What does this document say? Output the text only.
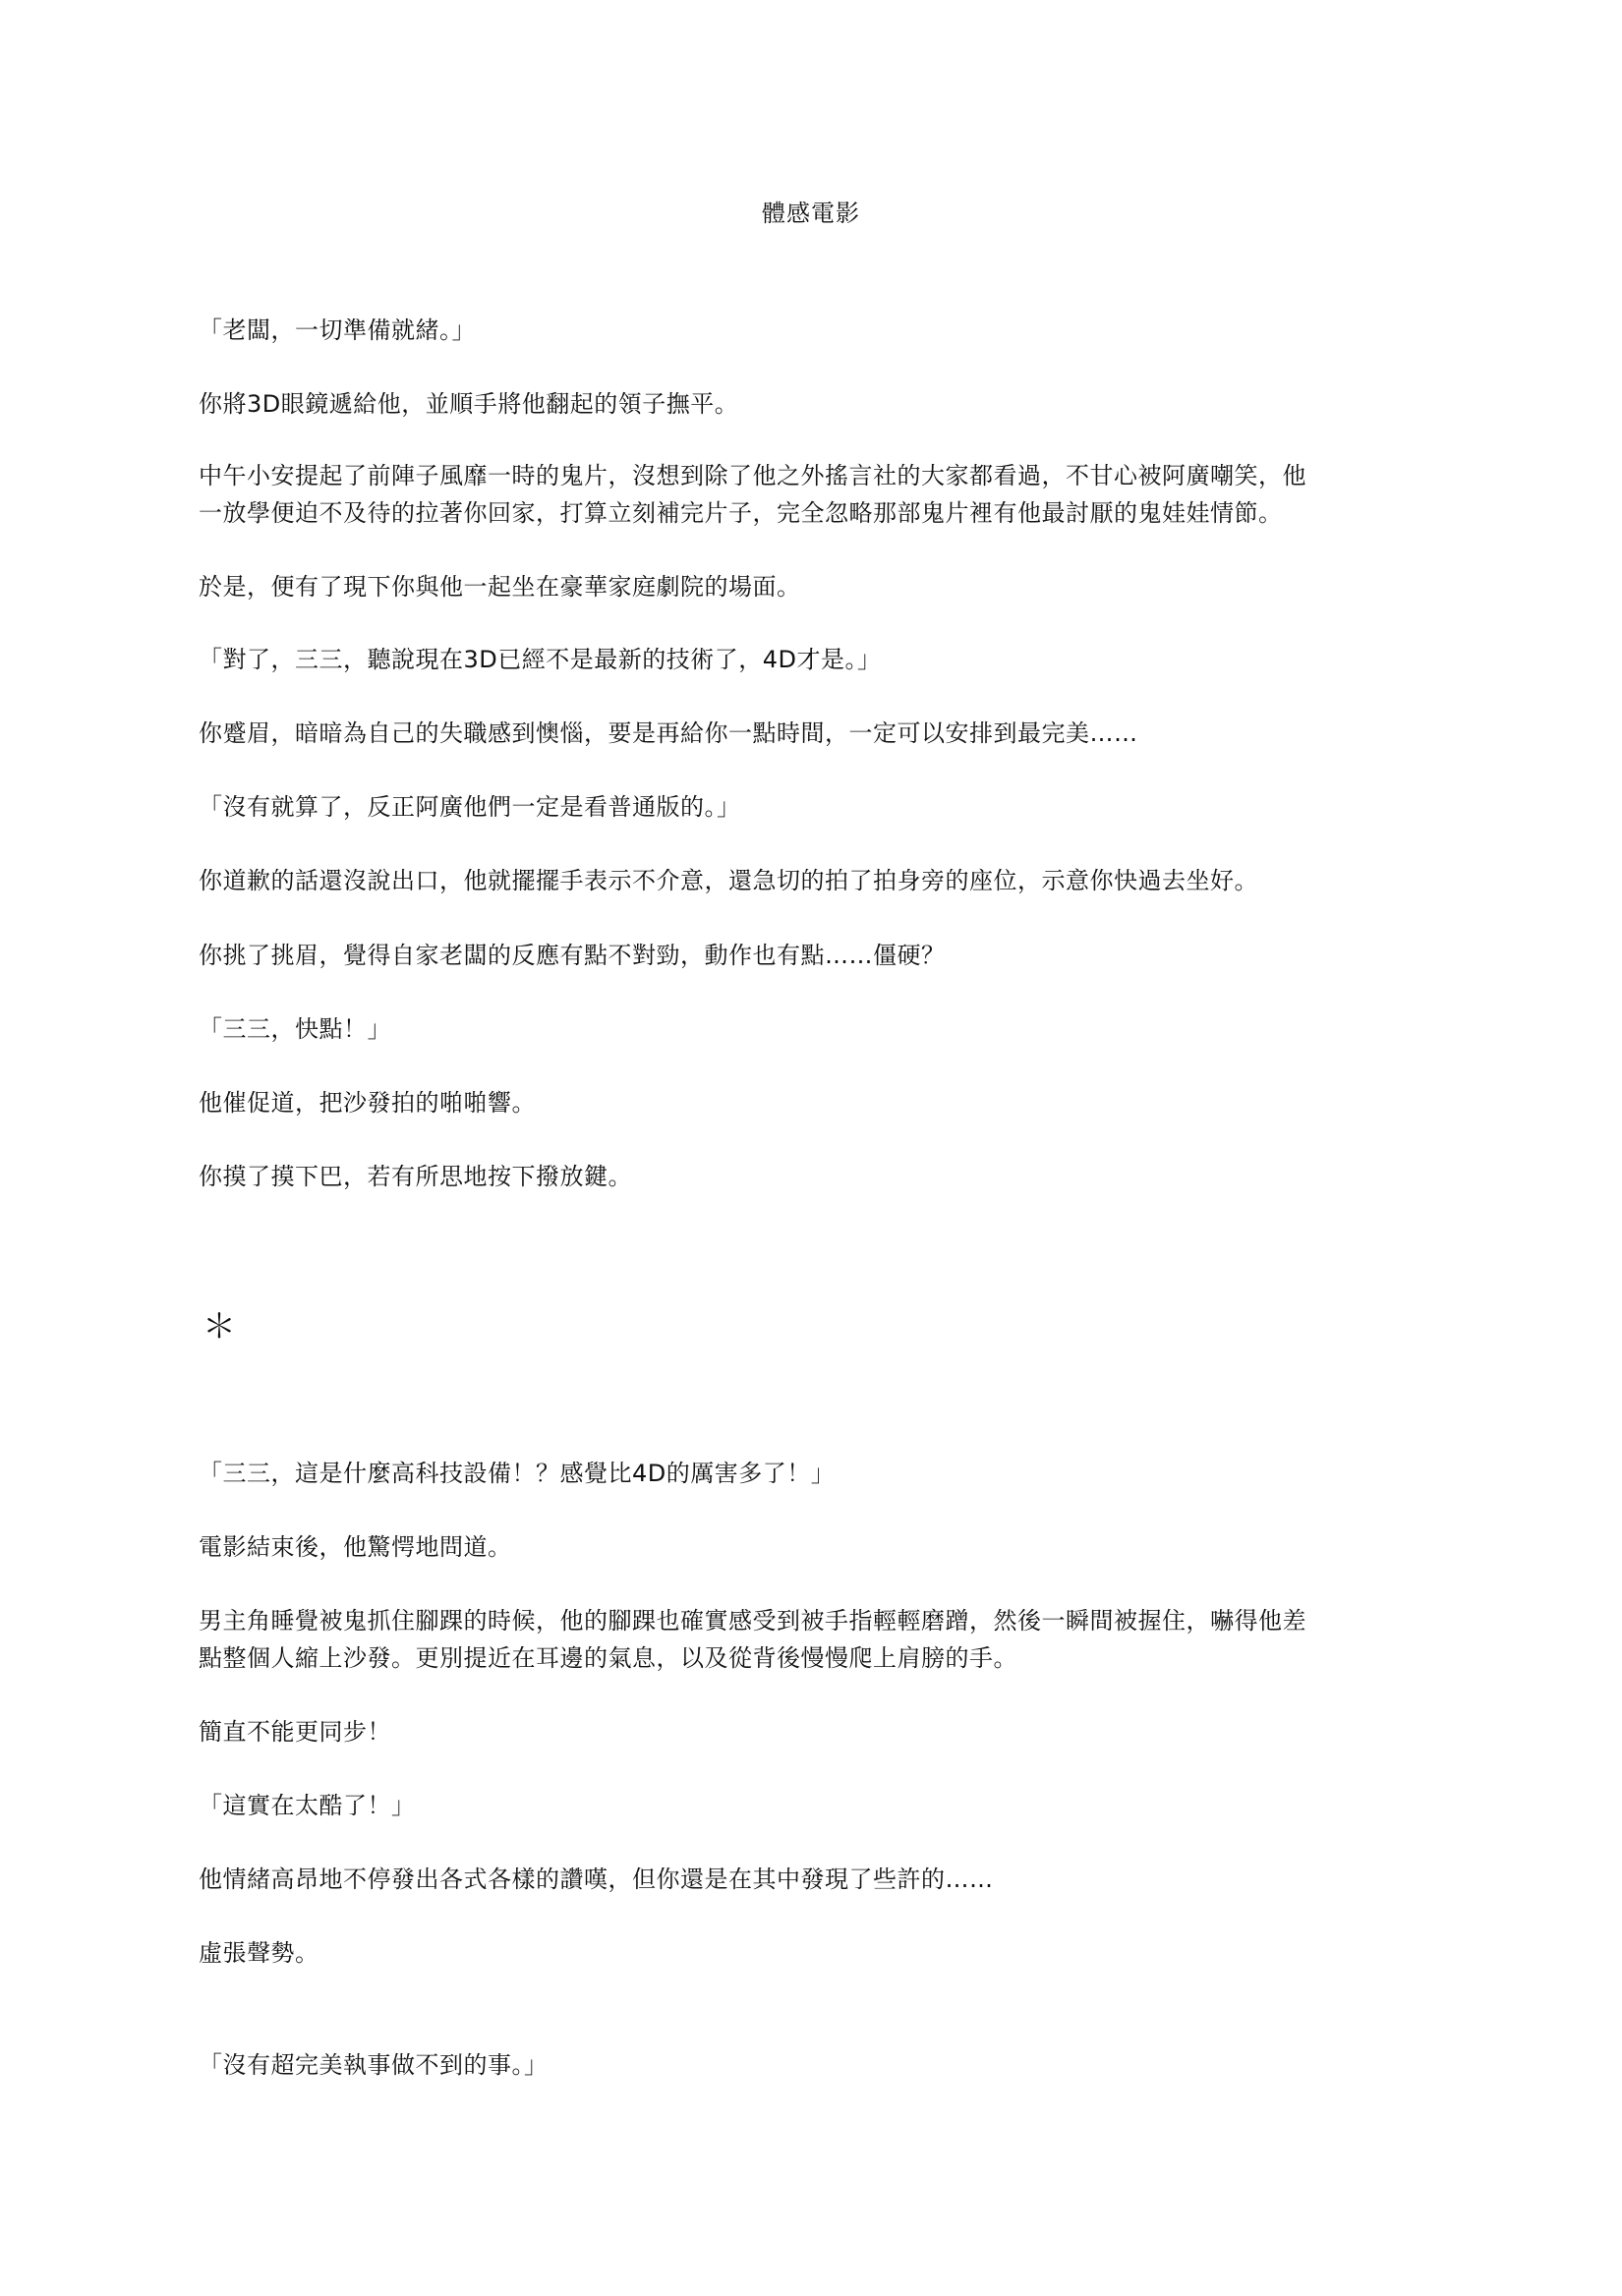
體感電影
「老闆，一切準備就緒。」
你將3D眼鏡遞給他，並順手將他翻起的領子撫平。
中午小安提起了前陣子風靡一時的鬼片，沒想到除了他之外搖言社的大家都看過，不甘心被阿廣嘲笑，他
一放學便迫不及待的拉著你回家，打算立刻補完片子，完全忽略那部鬼片裡有他最討厭的鬼娃娃情節。
於是，便有了現下你與他一起坐在豪華家庭劇院的場面。
「對了，三三，聽說現在3D已經不是最新的技術了，4D才是。」
你蹙眉，暗暗為自己的失職感到懊惱，要是再給你一點時間，一定可以安排到最完美……
「沒有就算了，反正阿廣他們一定是看普通版的。」
你道歉的話還沒說出口，他就擺擺手表示不介意，還急切的拍了拍身旁的座位，示意你快過去坐好。
你挑了挑眉，覺得自家老闆的反應有點不對勁，動作也有點……僵硬？
「三三，快點！」
他催促道，把沙發拍的啪啪響。
你摸了摸下巴，若有所思地按下撥放鍵。
＊
「三三，這是什麼高科技設備！？感覺比4D的厲害多了！」
電影結束後，他驚愕地問道。
男主角睡覺被鬼抓住腳踝的時候，他的腳踝也確實感受到被手指輕輕磨蹭，然後一瞬間被握住，嚇得他差
點整個人縮上沙發。更別提近在耳邊的氣息，以及從背後慢慢爬上肩膀的手。
簡直不能更同步！
「這實在太酷了！」
他情緒高昂地不停發出各式各樣的讚嘆，但你還是在其中發現了些許的……
虛張聲勢。
「沒有超完美執事做不到的事。」
